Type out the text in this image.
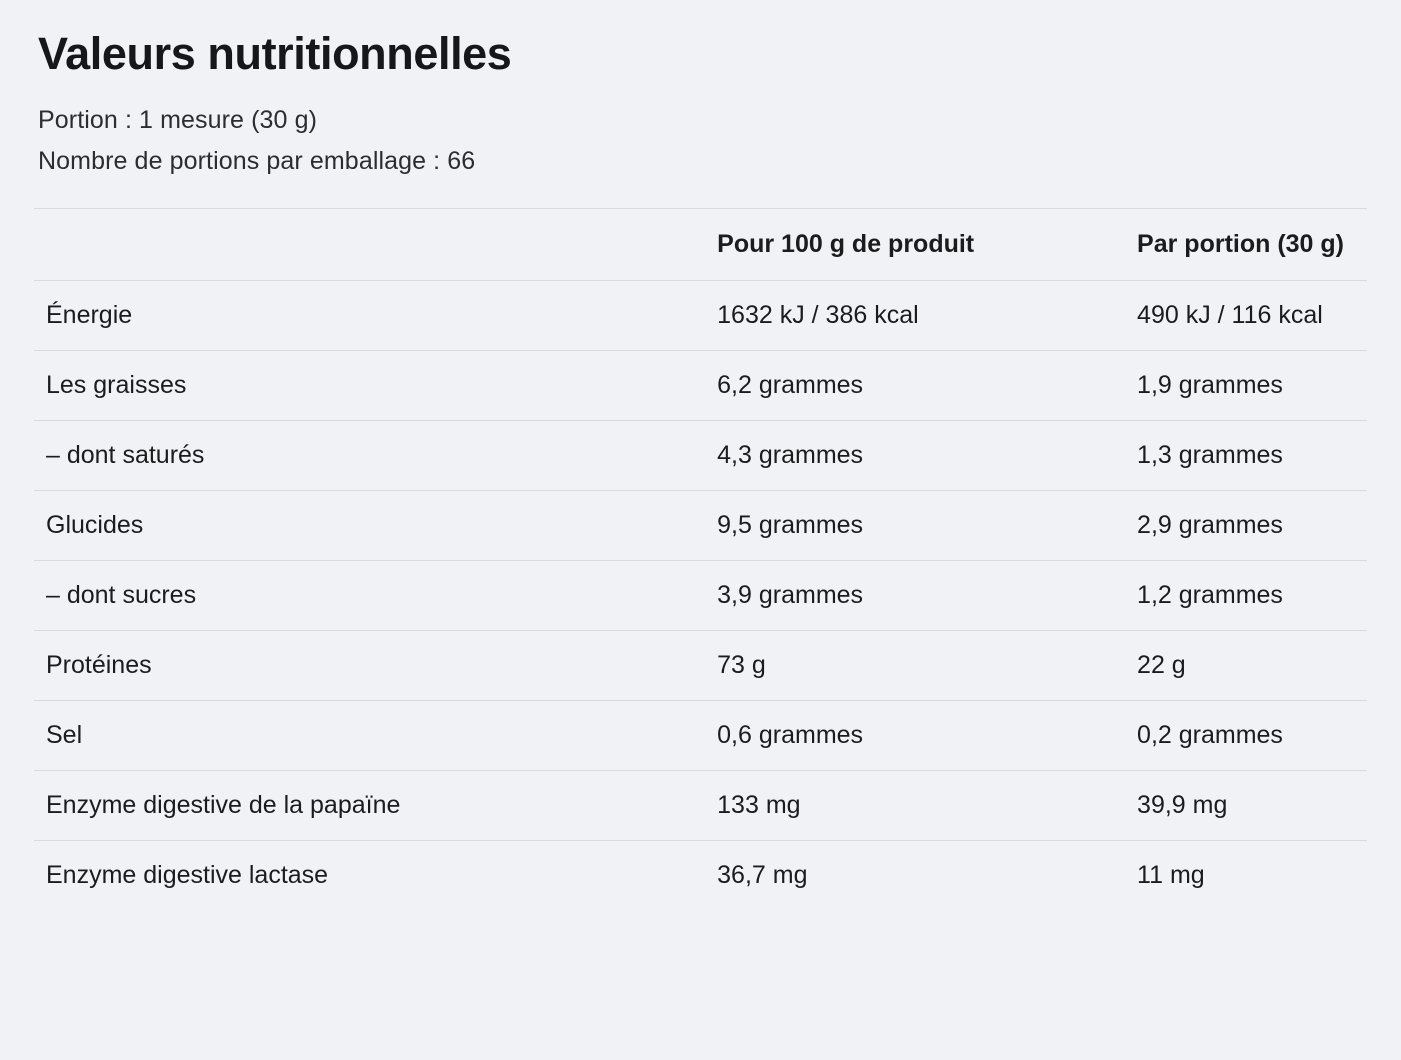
Valeurs nutritionnelles

Portion : 1 mesure (30 g)

Nombre de portions par emballage : 66

	Pour 100 g de produit	Par portion (30 g)
Énergie	1632 kJ / 386 kcal	490 kJ / 116 kcal
Les graisses	6,2 grammes	1,9 grammes
– dont saturés	4,3 grammes	1,3 grammes
Glucides	9,5 grammes	2,9 grammes
– dont sucres	3,9 grammes	1,2 grammes
Protéines	73 g	22 g
Sel	0,6 grammes	0,2 grammes
Enzyme digestive de la papaïne	133 mg	39,9 mg
Enzyme digestive lactase	36,7 mg	11 mg
